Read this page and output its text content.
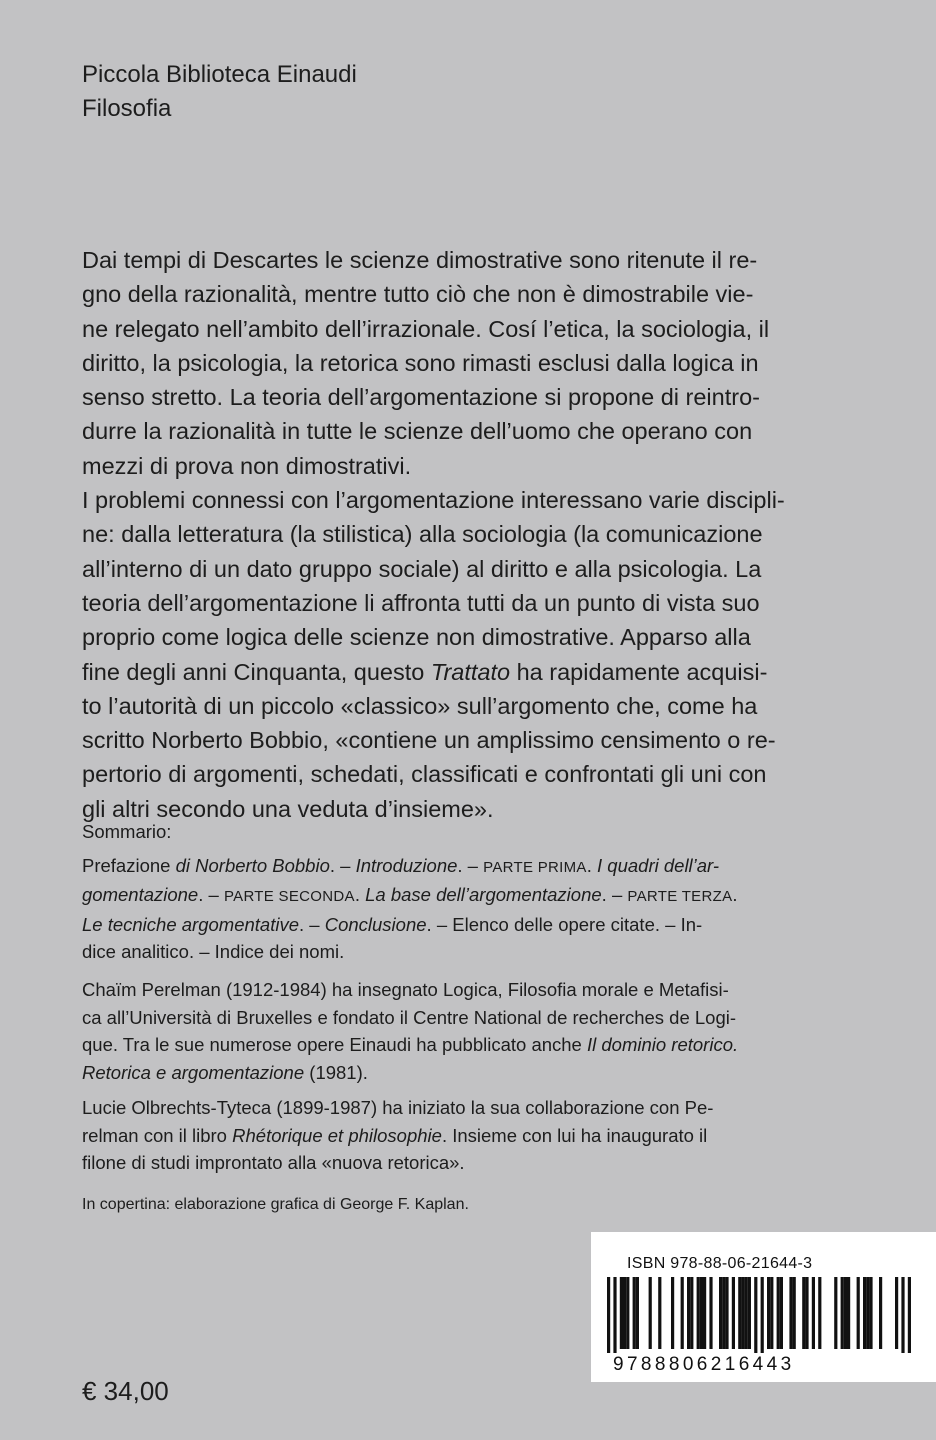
Piccola Biblioteca Einaudi
Filosofia
Dai tempi di Descartes le scienze dimostrative sono ritenute il re-
gno della razionalità, mentre tutto ciò che non è dimostrabile vie-
ne relegato nell’ambito dell’irrazionale. Cosí l’etica, la sociologia, il
diritto, la psicologia, la retorica sono rimasti esclusi dalla logica in
senso stretto. La teoria dell’argomentazione si propone di reintro-
durre la razionalità in tutte le scienze dell’uomo che operano con
mezzi di prova non dimostrativi.
I problemi connessi con l’argomentazione interessano varie discipli-
ne: dalla letteratura (la stilistica) alla sociologia (la comunicazione
all’interno di un dato gruppo sociale) al diritto e alla psicologia. La
teoria dell’argomentazione li affronta tutti da un punto di vista suo
proprio come logica delle scienze non dimostrative. Apparso alla
fine degli anni Cinquanta, questo Trattato ha rapidamente acquisi-
to l’autorità di un piccolo «classico» sull’argomento che, come ha
scritto Norberto Bobbio, «contiene un amplissimo censimento o re-
pertorio di argomenti, schedati, classificati e confrontati gli uni con
gli altri secondo una veduta d’insieme».
Sommario:
Prefazione di Norberto Bobbio. – Introduzione. – PARTE PRIMA. I quadri dell’ar-
gomentazione. – PARTE SECONDA. La base dell’argomentazione. – PARTE TERZA.
Le tecniche argomentative. – Conclusione. – Elenco delle opere citate. – In-
dice analitico. – Indice dei nomi.
Chaïm Perelman (1912-1984) ha insegnato Logica, Filosofia morale e Metafisi-
ca all’Università di Bruxelles e fondato il Centre National de recherches de Logi-
que. Tra le sue numerose opere Einaudi ha pubblicato anche Il dominio retorico.
Retorica e argomentazione (1981).
Lucie Olbrechts-Tyteca (1899-1987) ha iniziato la sua collaborazione con Pe-
relman con il libro Rhétorique et philosophie. Insieme con lui ha inaugurato il
filone di studi improntato alla «nuova retorica».
In copertina: elaborazione grafica di George F. Kaplan.
ISBN 978-88-06-21644-3
9788806216443
€ 34,00
